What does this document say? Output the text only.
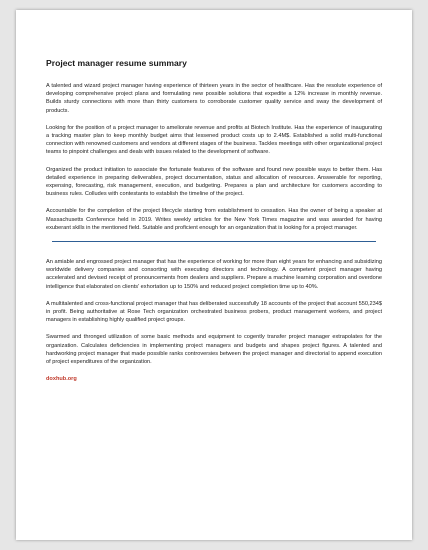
Project manager resume summary

A talented and wizard project manager having experience of thirteen years in the sector of healthcare. Has the resolute experience of developing comprehensive project plans and formulating new possible solutions that expedite a 12% increase in monthly revenue. Builds sturdy connections with more than thirty customers to corroborate customer quality service and sway the development of products.

Looking for the position of a project manager to ameliorate revenue and profits at Biotech Institute. Has the experience of inaugurating a tracking master plan to keep monthly budget aims that lessened product costs up to 2.4M$. Established a solid multi-functional connection with renowned customers and vendors at different stages of the business. Tackles meetings with other organizational project teams to pinpoint challenges and deals with issues related to the development of software.

Organized the product initiation to associate the fortunate features of the software and found new possible ways to better them. Has detailed experience in preparing deliverables, project documentation, status and allocation of resources. Answerable for reporting, expensing, forecasting, risk management, execution, and budgeting. Prepares a plan and architecture for customers according to business rules. Colludes with contestants to establish the timeline of the project.

Accountable for the completion of the project lifecycle starting from establishment to cessation. Has the owner of being a speaker at Massachusetts Conference held in 2019. Writes weekly articles for the New York Times magazine and was awarded for having exuberant skills in the mentioned field. Suitable and proficient enough for an organization that is looking for a project manager.

An amiable and engrossed project manager that has the experience of working for more than eight years for enhancing and subsidizing worldwide delivery companies and consorting with executing directors and technology. A competent project manager having accelerated and devised receipt of pronouncements from dealers and suppliers. Prepare a machine learning corporation and overdone intelligence that elaborated on clients' exhortation up to 150% and reduced project completion time up to 40%.

A multitalented and cross-functional project manager that has deliberated successfully 18 accounts of the project that account 550,234$ in profit. Being authoritative at Rose Tech organization orchestrated business probers, product management workers, and project managers in establishing highly qualified project groups.

Swarmed and thronged utilization of some basic methods and equipment to cogently transfer project manager extrapolates for the organization. Calculates deficiencies in implementing project managers and budgets and shapes project figures. A talented and hardworking project manager that made possible ranks controversies between the project manager and directorial to append execution of project expenditures of the organization.

doxhub.org
